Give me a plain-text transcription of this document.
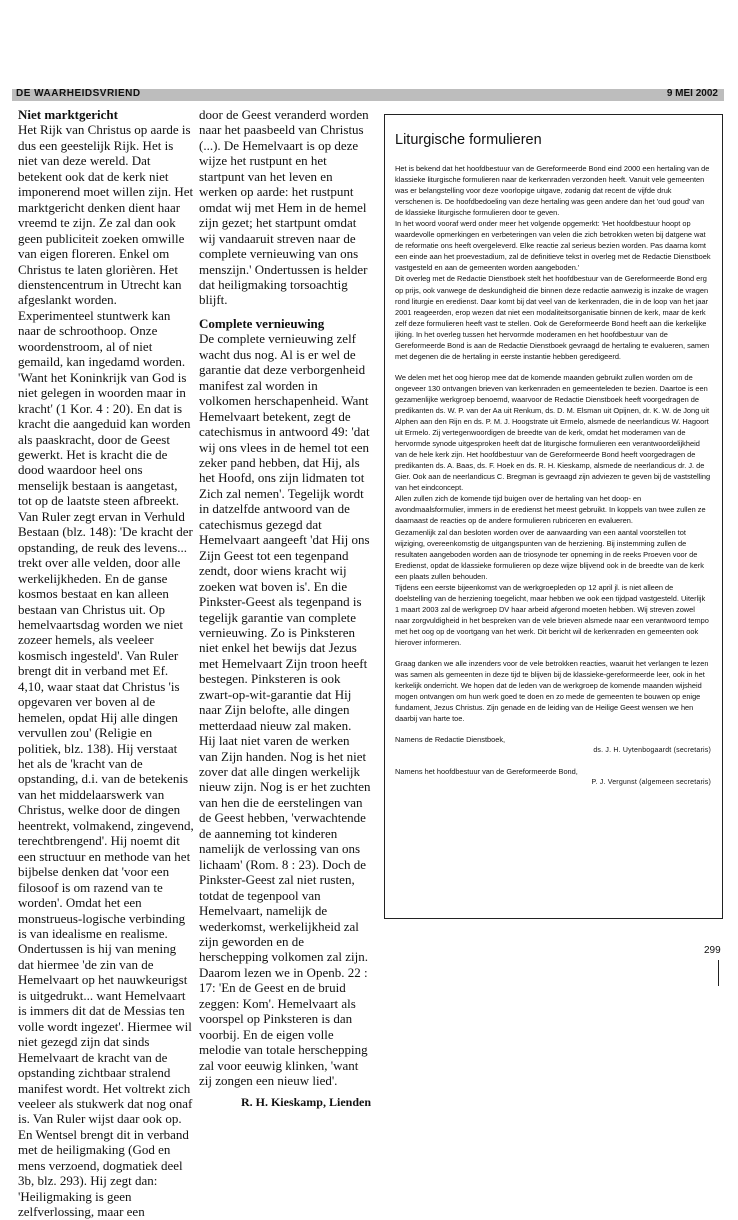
DE WAARHEIDSVRIEND	9 MEI 2002
Niet marktgericht

Het Rijk van Christus op aarde is dus een geestelijk Rijk. Het is niet van deze wereld. Dat betekent ook dat de kerk niet imponerend moet willen zijn. Het marktgericht denken dient haar vreemd te zijn. Ze zal dan ook geen publiciteit zoeken omwille van eigen floreren. Enkel om Christus te laten glorièren. Het dienstencentrum in Utrecht kan afgeslankt worden. Experimenteel stuntwerk kan naar de schroothoop. Onze woordenstroom, al of niet gemaild, kan ingedamd worden. 'Want het Koninkrijk van God is niet gelegen in woorden maar in kracht' (1 Kor. 4 : 20). En dat is kracht die aangeduid kan worden als paaskracht, door de Geest gewerkt. Het is kracht die de dood waardoor heel ons menselijk bestaan is aangetast, tot op de laatste steen afbreekt. Van Ruler zegt ervan in Verhuld Bestaan (blz. 148): 'De kracht der opstanding, de reuk des levens... trekt over alle velden, door alle werkelijkheden. En de ganse kosmos bestaat en kan alleen bestaan van Christus uit. Op hemelvaartsdag worden we niet zozeer hemels, als veeleer kosmisch ingesteld'. Van Ruler brengt dit in verband met Ef. 4,10, waar staat dat Christus 'is opgevaren ver boven al de hemelen, opdat Hij alle dingen vervullen zou' (Religie en politiek, blz. 138). Hij verstaat het als de 'kracht van de opstanding, d.i. van de betekenis van het middelaarswerk van Christus, welke door de dingen heentrekt, volmakend, zingevend, terechtbrengend'. Hij noemt dit een structuur en methode van het bijbelse denken dat 'voor een filosoof is om razend van te worden'. Omdat het een monstrueus-logische verbinding is van idealisme en realisme. Ondertussen is hij van mening dat hiermee 'de zin van de Hemelvaart op het nauwkeurigst is uitgedrukt... want Hemelvaart is immers dit dat de Messias ten volle wordt ingezet'. Hiermee wil niet gezegd zijn dat sinds Hemelvaart de kracht van de opstanding zichtbaar stralend manifest wordt. Het voltrekt zich veeleer als stukwerk dat nog onaf is. Van Ruler wijst daar ook op. En Wentsel brengt dit in verband met de heiligmaking (God en mens verzoend, dogmatiek deel 3b, blz. 293). Hij zegt dan: 'Heiligmaking is geen zelfverlossing, maar een

door de Geest veranderd worden naar het paasbeeld van Christus (...). De Hemelvaart is op deze wijze het rustpunt en het startpunt van het leven en werken op aarde: het rustpunt omdat wij met Hem in de hemel zijn gezet; het startpunt omdat wij vandaaruit streven naar de complete vernieuwing van ons menszijn.' Ondertussen is helder dat heiligmaking torsoachtig blijft.

Complete vernieuwing

De complete vernieuwing zelf wacht dus nog. Al is er wel de garantie dat deze verborgenheid manifest zal worden in volkomen herschapenheid. Want Hemelvaart betekent, zegt de catechismus in antwoord 49: 'dat wij ons vlees in de hemel tot een zeker pand hebben, dat Hij, als het Hoofd, ons zijn lidmaten tot Zich zal nemen'. Tegelijk wordt in datzelfde antwoord van de catechismus gezegd dat Hemelvaart aangeeft 'dat Hij ons Zijn Geest tot een tegenpand zendt, door wiens kracht wij zoeken wat boven is'. En die Pinkster-Geest als tegenpand is tegelijk garantie van complete vernieuwing. Zo is Pinksteren niet enkel het bewijs dat Jezus met Hemelvaart Zijn troon heeft bestegen. Pinksteren is ook zwart-op-wit-garantie dat Hij naar Zijn belofte, alle dingen metterdaad nieuw zal maken. Hij laat niet varen de werken van Zijn handen. Nog is het niet zover dat alle dingen werkelijk nieuw zijn. Nog is er het zuchten van hen die de eerstelingen van de Geest hebben, 'verwachtende de aanneming tot kinderen namelijk de verlossing van ons lichaam' (Rom. 8 : 23). Doch de Pinkster-Geest zal niet rusten, totdat de tegenpool van Hemelvaart, namelijk de wederkomst, werkelijkheid zal zijn geworden en de herschepping volkomen zal zijn. Daarom lezen we in Openb. 22 : 17: 'En de Geest en de bruid zeggen: Kom'. Hemelvaart als voorspel op Pinksteren is dan voorbij. En de eigen volle melodie van totale herschepping zal voor eeuwig klinken, 'want zij zongen een nieuw lied'.

R. H. Kieskamp, Lienden

Liturgische formulieren

Het is bekend dat het hoofdbestuur van de Gereformeerde Bond eind 2000 een hertaling van de klassieke liturgische formulieren naar de kerkenraden verzonden heeft. Vanuit vele gemeenten was er belangstelling voor deze voorlopige uitgave, zodanig dat recent de vijfde druk verschenen is. De hoofdbedoeling van deze hertaling was geen andere dan het 'oud goud' van de klassieke liturgische formulieren door te geven.

In het woord vooraf werd onder meer het volgende opgemerkt: 'Het hoofdbestuur hoopt op waardevolle opmerkingen en verbeteringen van velen die zich betrokken weten bij datgene wat de reformatie ons heeft overgeleverd. Elke reactie zal serieus bezien worden. Pas daarna komt een einde aan het proevestadium, zal de definitieve tekst in overleg met de Redactie Dienstboek vastgesteld en aan de gemeenten worden aangeboden.'

Dit overleg met de Redactie Dienstboek stelt het hoofdbestuur van de Gereformeerde Bond erg op prijs, ook vanwege de deskundigheid die binnen deze redactie aanwezig is inzake de vragen rond liturgie en eredienst. Daar komt bij dat veel van de kerkenraden, die in de loop van het jaar 2001 reageerden, erop wezen dat niet een modaliteitsorganisatie binnen de kerk, maar de kerk zelf deze formulieren heeft vast te stellen. Ook de Gereformeerde Bond heeft aan die kerkelijke ijking. In het overleg tussen het hervormde moderamen en het hoofdbestuur van de Gereformeerde Bond is aan de Redactie Dienstboek gevraagd de hertaling te evalueren, samen met degenen die de hertaling in eerste instantie hebben geredigeerd.

We delen met het oog hierop mee dat de komende maanden gebruikt zullen worden om de ongeveer 130 ontvangen brieven van kerkenraden en gemeenteleden te bezien. Daartoe is een gezamenlijke werkgroep benoemd, waarvoor de Redactie Dienstboek heeft voorgedragen de predikanten ds. W. P. van der Aa uit Renkum, ds. D. M. Elsman uit Opijnen, dr. K. W. de Jong uit Alphen aan den Rijn en ds. P. M. J. Hoogstrate uit Ermelo, alsmede de neerlandicus W. Hagoort uit Ermelo. Zij vertegenwoordigen de breedte van de kerk, omdat het moderamen van de hervormde synode uitgesproken heeft dat de liturgische formulieren een verantwoordelijkheid van de hele kerk zijn. Het hoofdbestuur van de Gereformeerde Bond heeft voorgedragen de predikanten ds. A. Baas, ds. F. Hoek en ds. R. H. Kieskamp, alsmede de neerlandicus dr. J. de Gier. Ook aan de neerlandicus C. Bregman is gevraagd zijn adviezen te geven bij de vaststelling van het eindconcept.

Allen zullen zich de komende tijd buigen over de hertaling van het doop- en avondmaalsformulier, immers in de eredienst het meest gebruikt. In koppels van twee zullen ze daarnaast de reacties op de andere formulieren rubriceren en evalueren.

Gezamenlijk zal dan besloten worden over de aanvaarding van een aantal voorstellen tot wijziging, overeenkomstig de uitgangspunten van de herziening. Bij instemming zullen de resultaten aangeboden worden aan de triosynode ter opneming in de reeks Proeven voor de Eredienst, opdat de klassieke formulieren op deze wijze blijvend ook in de breedte van de kerk een plaats zullen behouden.

Tijdens een eerste bijeenkomst van de werkgroepleden op 12 april jl. is niet alleen de doelstelling van de herziening toegelicht, maar hebben we ook een tijdpad vastgesteld. Uiterlijk 1 maart 2003 zal de werkgroep DV haar arbeid afgerond moeten hebben. Wij streven zowel naar zorgvuldigheid in het bespreken van de vele brieven alsmede naar een verantwoord tempo met het oog op de voortgang van het werk. Dit bericht wil de kerkenraden en gemeenten ook hierover informeren.

Graag danken we alle inzenders voor de vele betrokken reacties, waaruit het verlangen te lezen was samen als gemeenten in deze tijd te blijven bij de klassieke-gereformeerde leer, ook in het kerkelijk onderricht. We hopen dat de leden van de werkgroep de komende maanden wijsheid mogen ontvangen om hun werk goed te doen en zo mede de gemeenten te bouwen op enige fundament, Jezus Christus. Zijn genade en de leiding van de Heilige Geest wensen we hen daarbij van harte toe.

Namens de Redactie Dienstboek,

ds. J. H. Uytenbogaardt (secretaris)

Namens het hoofdbestuur van de Gereformeerde Bond,

P. J. Vergunst (algemeen secretaris)

299
